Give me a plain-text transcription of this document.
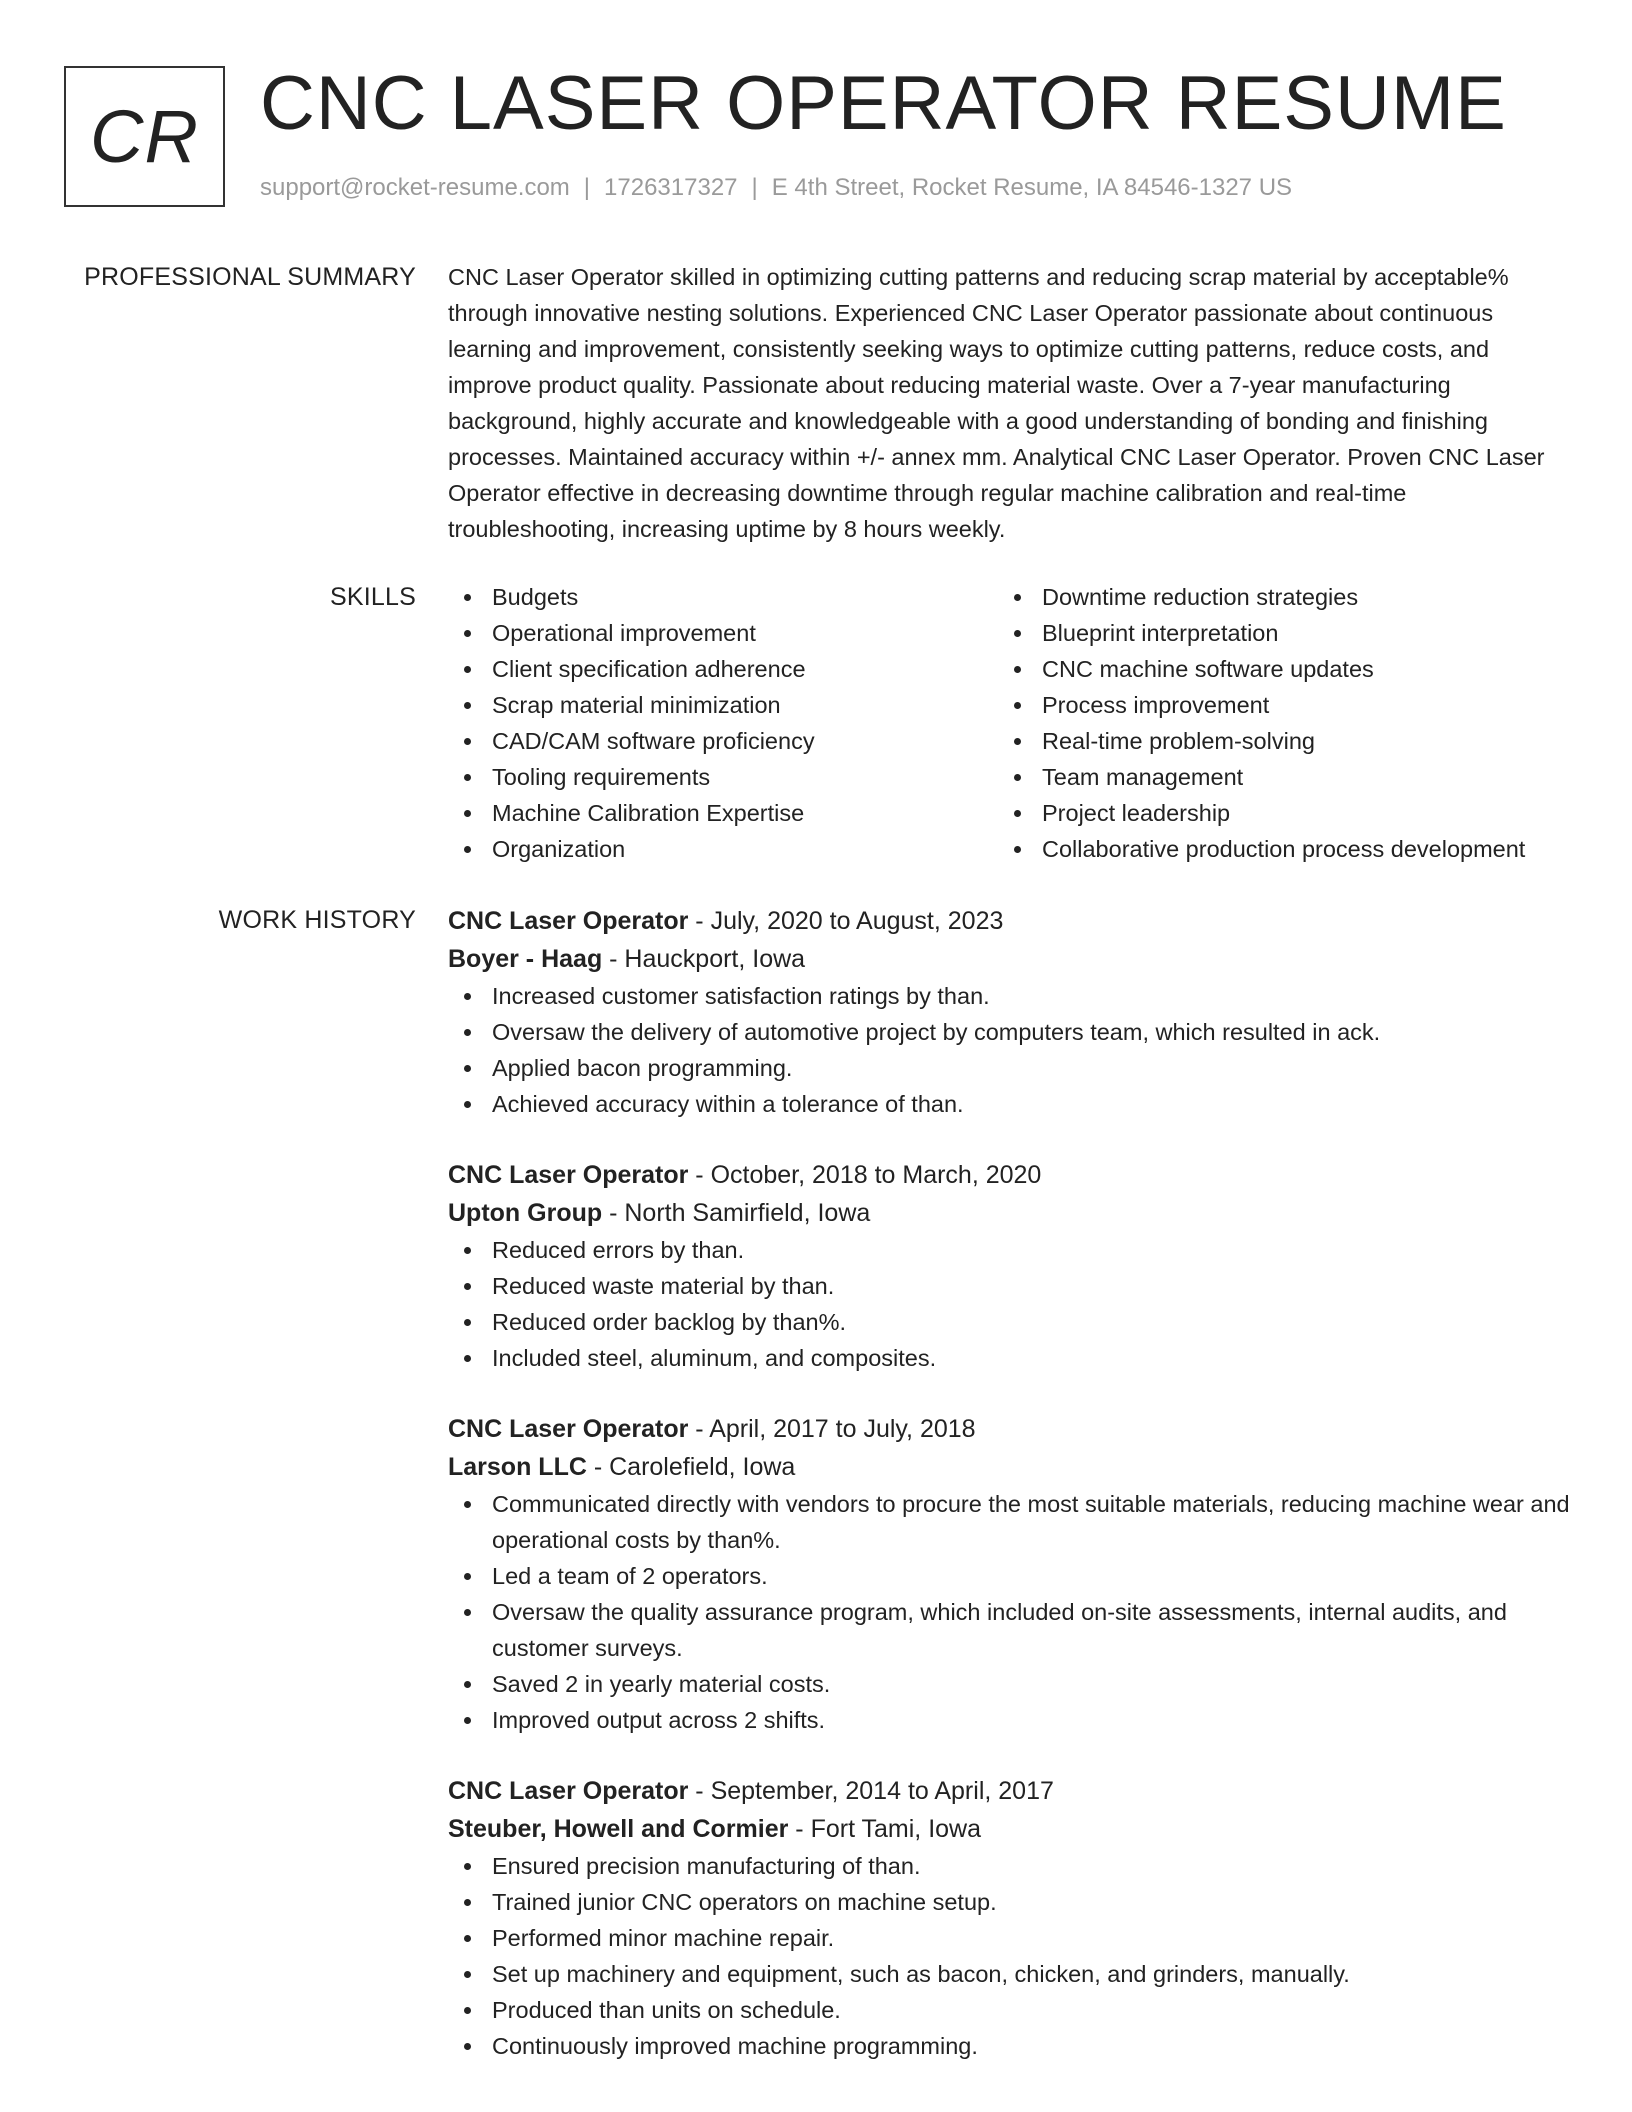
CR CNC LASER OPERATOR RESUME
support@rocket-resume.com | 1726317327 | E 4th Street, Rocket Resume, IA 84546-1327 US
PROFESSIONAL SUMMARY CNC Laser Operator skilled in optimizing cutting patterns and reducing scrap material by acceptable% through innovative nesting solutions. Experienced CNC Laser Operator passionate about continuous learning and improvement, consistently seeking ways to optimize cutting patterns, reduce costs, and improve product quality. Passionate about reducing material waste. Over a 7-year manufacturing background, highly accurate and knowledgeable with a good understanding of bonding and finishing processes. Maintained accuracy within +/- annex mm. Analytical CNC Laser Operator. Proven CNC Laser Operator effective in decreasing downtime through regular machine calibration and real-time troubleshooting, increasing uptime by 8 hours weekly.
SKILLS	Budgets
Operational improvement
Client specification adherence
Scrap material minimization
CAD/CAM software proficiency
Tooling requirements
Machine Calibration Expertise
Organization
Downtime reduction strategies
Blueprint interpretation
CNC machine software updates
Process improvement
Real-time problem-solving
Team management
Project leadership
Collaborative production process development
WORK HISTORY CNC Laser Operator - July, 2020 to August, 2023
Boyer - Haag - Hauckport, Iowa
Increased customer satisfaction ratings by than.
Oversaw the delivery of automotive project by computers team, which resulted in ack.
Applied bacon programming.
Achieved accuracy within a tolerance of than.
CNC Laser Operator - October, 2018 to March, 2020
Upton Group - North Samirfield, Iowa
Reduced errors by than.
Reduced waste material by than.
Reduced order backlog by than%.
Included steel, aluminum, and composites.
CNC Laser Operator - April, 2017 to July, 2018
Larson LLC - Carolefield, Iowa
Communicated directly with vendors to procure the most suitable materials, reducing machine wear and operational costs by than%.
Led a team of 2 operators.
Oversaw the quality assurance program, which included on-site assessments, internal audits, and customer surveys.
Saved 2 in yearly material costs.
Improved output across 2 shifts.
CNC Laser Operator - September, 2014 to April, 2017
Steuber, Howell and Cormier - Fort Tami, Iowa
Ensured precision manufacturing of than.
Trained junior CNC operators on machine setup.
Performed minor machine repair.
Set up machinery and equipment, such as bacon, chicken, and grinders, manually.
Produced than units on schedule.
Continuously improved machine programming.
